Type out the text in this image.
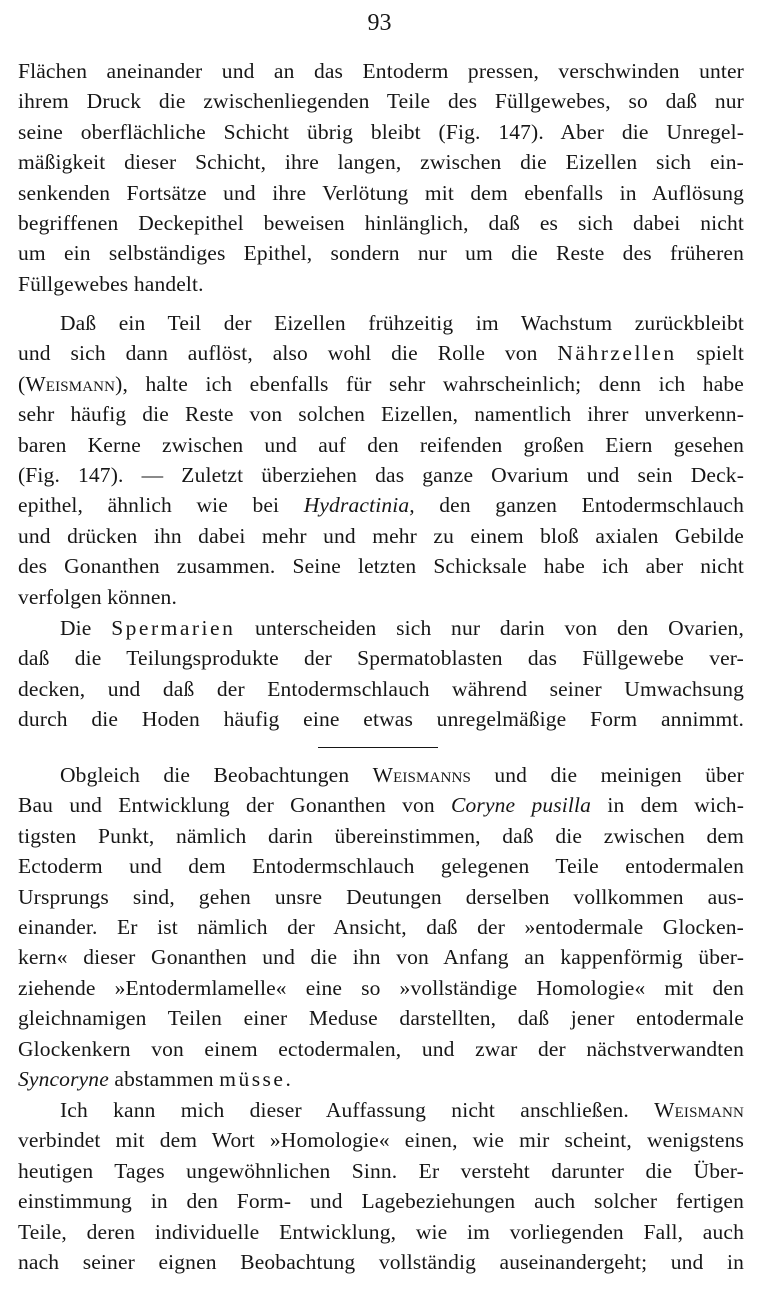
93
Flächen aneinander und an das Entoderm pressen, verschwinden unter
ihrem Druck die zwischenliegenden Teile des Füllgewebes, so daß nur
seine oberflächliche Schicht übrig bleibt (Fig. 147). Aber die Unregel-
mäßigkeit dieser Schicht, ihre langen, zwischen die Eizellen sich ein-
senkenden Fortsätze und ihre Verlötung mit dem ebenfalls in Auflösung
begriffenen Deckepithel beweisen hinlänglich, daß es sich dabei nicht
um ein selbständiges Epithel, sondern nur um die Reste des früheren
Füllgewebes handelt.
Daß ein Teil der Eizellen frühzeitig im Wachstum zurückbleibt
und sich dann auflöst, also wohl die Rolle von Nährzellen spielt
(Weismann), halte ich ebenfalls für sehr wahrscheinlich; denn ich habe
sehr häufig die Reste von solchen Eizellen, namentlich ihrer unverkenn-
baren Kerne zwischen und auf den reifenden großen Eiern gesehen
(Fig. 147). — Zuletzt überziehen das ganze Ovarium und sein Deck-
epithel, ähnlich wie bei Hydractinia, den ganzen Entodermschlauch
und drücken ihn dabei mehr und mehr zu einem bloß axialen Gebilde
des Gonanthen zusammen. Seine letzten Schicksale habe ich aber nicht
verfolgen können.
Die Spermarien unterscheiden sich nur darin von den Ovarien,
daß die Teilungsprodukte der Spermatoblasten das Füllgewebe ver-
decken, und daß der Entodermschlauch während seiner Umwachsung
durch die Hoden häufig eine etwas unregelmäßige Form annimmt.
Obgleich die Beobachtungen Weismanns und die meinigen über
Bau und Entwicklung der Gonanthen von Coryne pusilla in dem wich-
tigsten Punkt, nämlich darin übereinstimmen, daß die zwischen dem
Ectoderm und dem Entodermschlauch gelegenen Teile entodermalen
Ursprungs sind, gehen unsre Deutungen derselben vollkommen aus-
einander. Er ist nämlich der Ansicht, daß der »entodermale Glocken-
kern« dieser Gonanthen und die ihn von Anfang an kappenförmig über-
ziehende »Entodermlamelle« eine so »vollständige Homologie« mit den
gleichnamigen Teilen einer Meduse darstellten, daß jener entodermale
Glockenkern von einem ectodermalen, und zwar der nächstverwandten
Syncoryne abstammen müsse.
Ich kann mich dieser Auffassung nicht anschließen. Weismann
verbindet mit dem Wort »Homologie« einen, wie mir scheint, wenigstens
heutigen Tages ungewöhnlichen Sinn. Er versteht darunter die Über-
einstimmung in den Form- und Lagebeziehungen auch solcher fertigen
Teile, deren individuelle Entwicklung, wie im vorliegenden Fall, auch
nach seiner eignen Beobachtung vollständig auseinandergeht; und in
